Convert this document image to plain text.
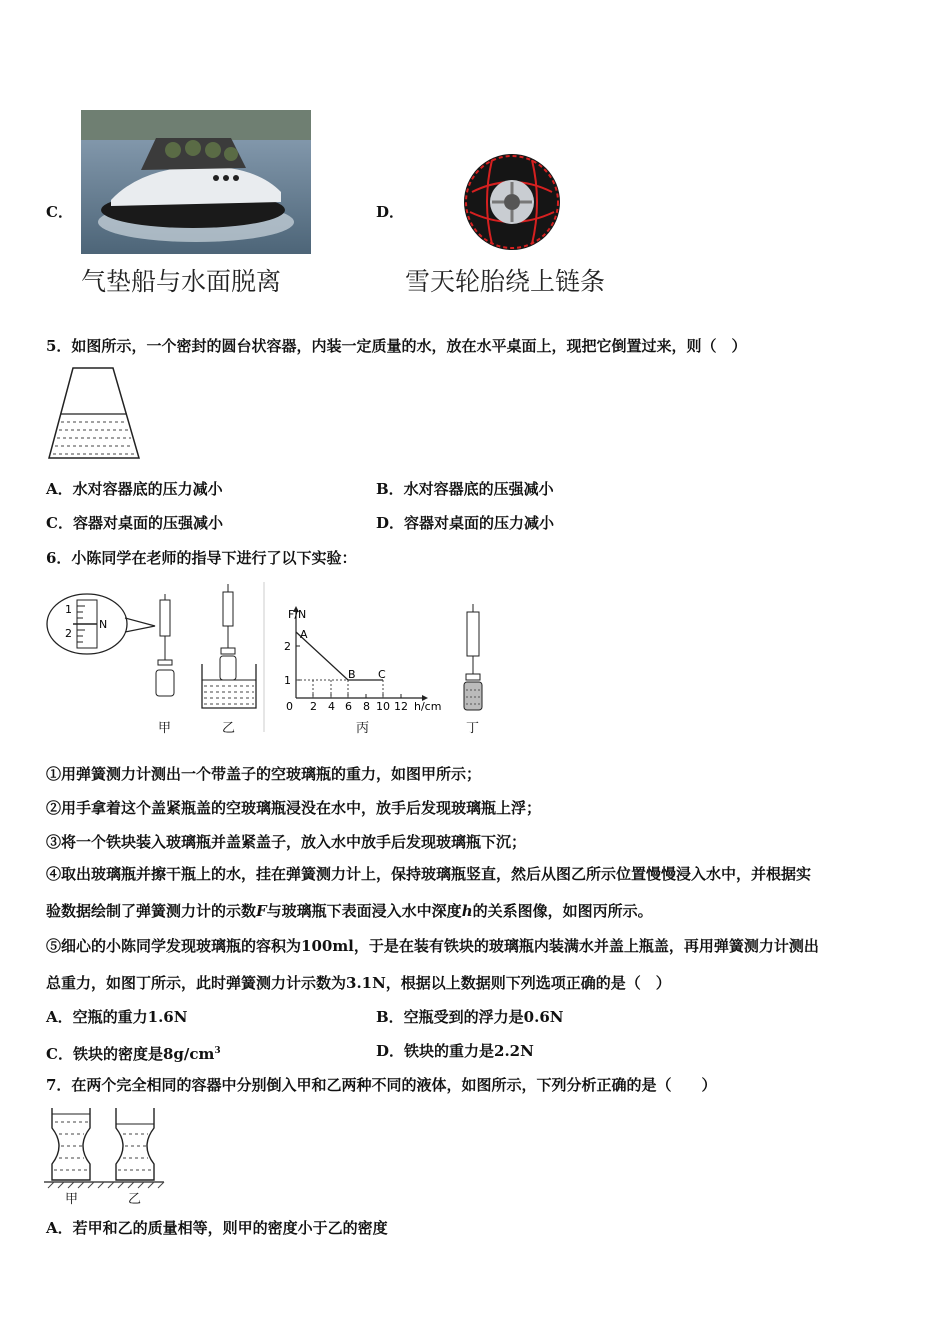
C．
气垫船与水面脱离
D．
雪天轮胎绕上链条
5．如图所示，一个密封的圆台状容器，内装一定质量的水，放在水平桌面上，现把它倒置过来，则（　）
A．水对容器底的压力减小	B．水对容器底的压强减小
C．容器对桌面的压强减小	D．容器对桌面的压力减小
6．小陈同学在老师的指导下进行了以下实验：
1
2
N
甲	乙
A
B C
F/N
1
2
0 2 4 6 8 10 12 h/cm
丙	丁
①用弹簧测力计测出一个带盖子的空玻璃瓶的重力，如图甲所示；
②用手拿着这个盖紧瓶盖的空玻璃瓶浸没在水中，放手后发现玻璃瓶上浮；
③将一个铁块装入玻璃瓶并盖紧盖子，放入水中放手后发现玻璃瓶下沉；
④取出玻璃瓶并擦干瓶上的水，挂在弹簧测力计上，保持玻璃瓶竖直，然后从图乙所示位置慢慢浸入水中，并根据实
验数据绘制了弹簧测力计的示数F与玻璃瓶下表面浸入水中深度h的关系图像，如图丙所示。
⑤细心的小陈同学发现玻璃瓶的容积为100ml，于是在装有铁块的玻璃瓶内装满水并盖上瓶盖，再用弹簧测力计测出
总重力，如图丁所示，此时弹簧测力计示数为3.1N，根据以上数据则下列选项正确的是（　）
A．空瓶的重力1.6N	B．空瓶受到的浮力是0.6N
C．铁块的密度是$8g/cm^3$	D．铁块的重力是2.2N
7．在两个完全相同的容器中分别倒入甲和乙两种不同的液体，如图所示，下列分析正确的是（　　）
甲	乙
A．若甲和乙的质量相等，则甲的密度小于乙的密度
